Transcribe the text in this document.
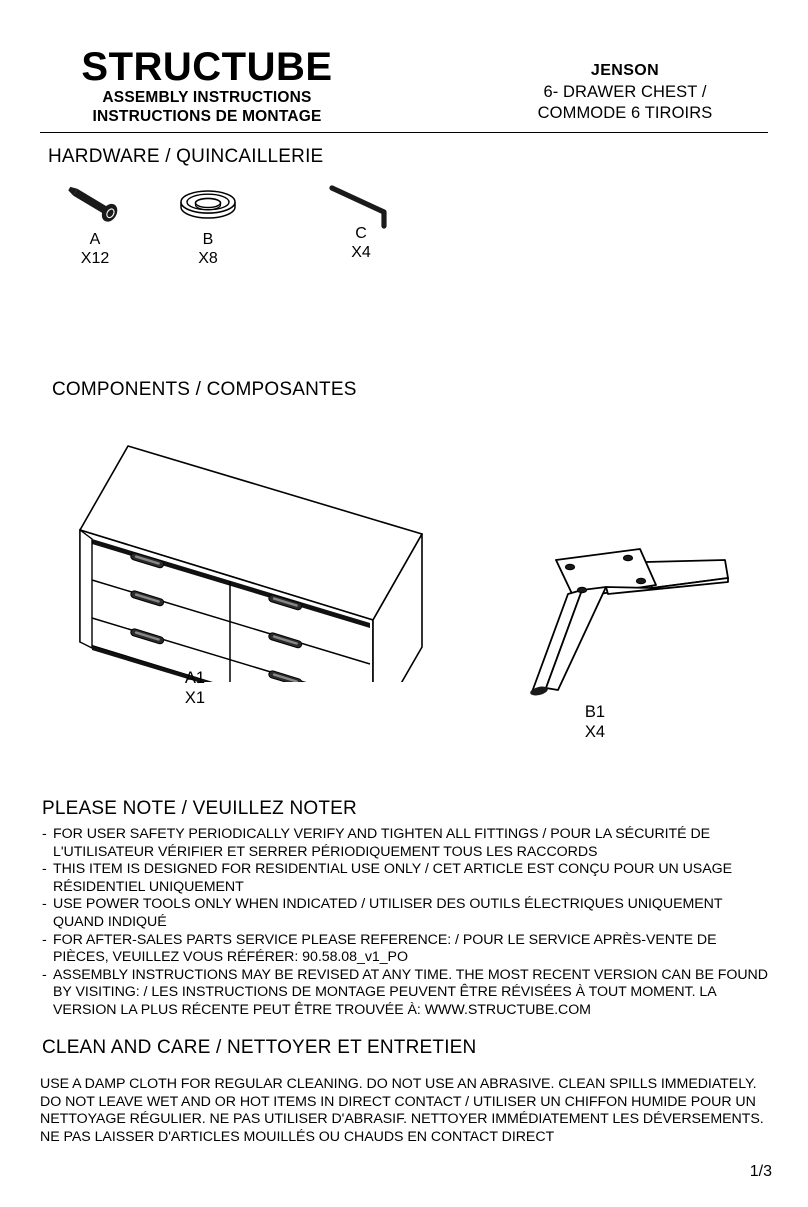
STRUCTUBE
ASSEMBLY INSTRUCTIONS
INSTRUCTIONS DE MONTAGE
JENSON
6- DRAWER CHEST /
COMMODE 6 TIROIRS
HARDWARE / QUINCAILLERIE
A
X12
B
X8
C
X4
COMPONENTS / COMPOSANTES
A1
X1
B1
X4
PLEASE NOTE / VEUILLEZ NOTER
- FOR USER SAFETY PERIODICALLY VERIFY AND TIGHTEN ALL FITTINGS / POUR LA SÉCURITÉ DE L'UTILISATEUR VÉRIFIER ET SERRER PÉRIODIQUEMENT TOUS LES RACCORDS
- THIS ITEM IS DESIGNED FOR RESIDENTIAL USE ONLY / CET ARTICLE EST CONÇU POUR UN USAGE RÉSIDENTIEL UNIQUEMENT
- USE POWER TOOLS ONLY WHEN INDICATED / UTILISER DES OUTILS ÉLECTRIQUES UNIQUEMENT QUAND INDIQUÉ
- FOR AFTER-SALES PARTS SERVICE PLEASE REFERENCE: / POUR LE SERVICE APRÈS-VENTE DE PIÈCES, VEUILLEZ VOUS RÉFÉRER: 90.58.08_v1_PO
- ASSEMBLY INSTRUCTIONS MAY BE REVISED AT ANY TIME. THE MOST RECENT VERSION CAN BE FOUND BY VISITING: / LES INSTRUCTIONS DE MONTAGE PEUVENT ÊTRE RÉVISÉES À TOUT MOMENT. LA VERSION LA PLUS RÉCENTE PEUT ÊTRE TROUVÉE À: WWW.STRUCTUBE.COM
CLEAN AND CARE / NETTOYER ET ENTRETIEN
USE A DAMP CLOTH FOR REGULAR CLEANING. DO NOT USE AN ABRASIVE. CLEAN SPILLS IMMEDIATELY. DO NOT LEAVE WET AND OR HOT ITEMS IN DIRECT CONTACT / UTILISER UN CHIFFON HUMIDE POUR UN NETTOYAGE RÉGULIER. NE PAS UTILISER D'ABRASIF. NETTOYER IMMÉDIATEMENT LES DÉVERSEMENTS. NE PAS LAISSER D'ARTICLES MOUILLÉS OU CHAUDS EN CONTACT DIRECT
1/3
